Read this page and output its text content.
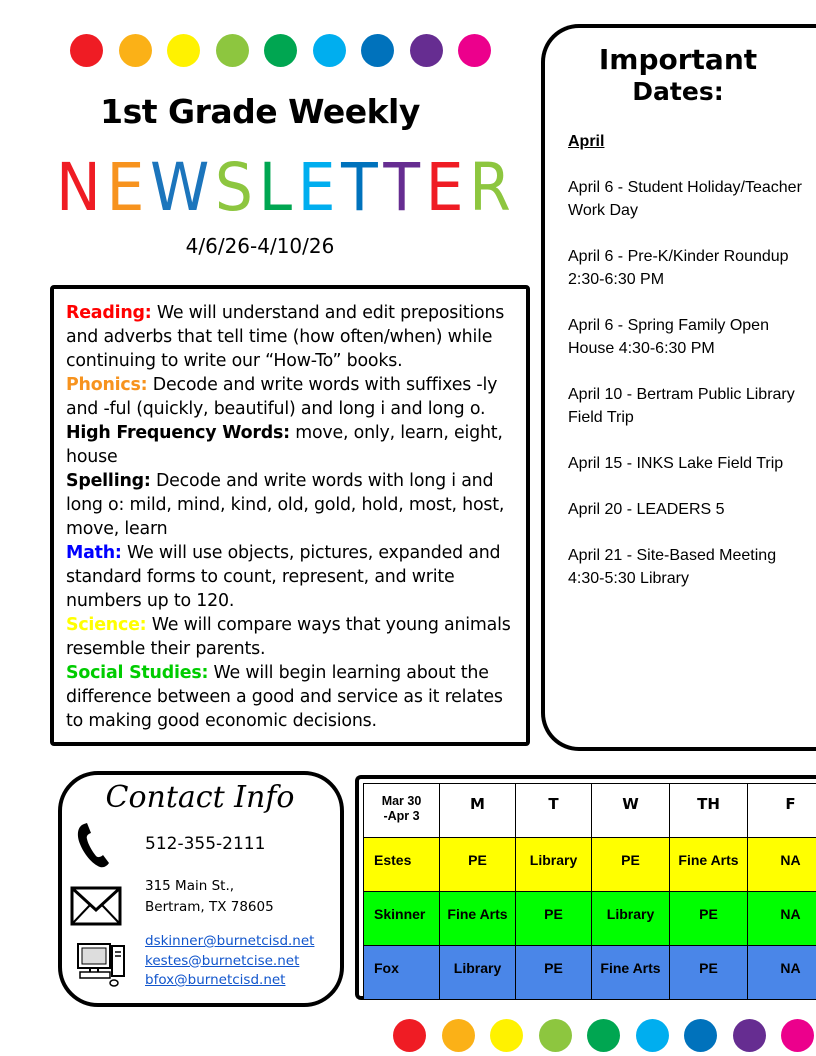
1st Grade Weekly
N E W S L E T T E R
4/6/26-4/10/26

Reading: We will understand and edit prepositions and adverbs that tell time (how often/when) while continuing to write our “How-To” books.

Phonics: Decode and write words with suffixes -ly and -ful (quickly, beautiful) and long i and long o.

High Frequency Words: move, only, learn, eight, house

Spelling: Decode and write words with long i and long o: mild, mind, kind, old, gold, hold, most, host, move, learn

Math: We will use objects, pictures, expanded and standard forms to count, represent, and write numbers up to 120.

Science: We will compare ways that young animals resemble their parents.

Social Studies: We will begin learning about the difference between a good and service as it relates to making good economic decisions.

Important
Dates:
April
April 6 - Student Holiday/Teacher Work Day
April 6 - Pre-K/Kinder Roundup 2:30-6:30 PM
April 6 - Spring Family Open House 4:30-6:30 PM
April 10 - Bertram Public Library Field Trip
April 15 - INKS Lake Field Trip
April 20 - LEADERS 5
April 21 - Site-Based Meeting 4:30-5:30 Library
Contact Info
512-355-2111
315 Main St.,
Bertram, TX 78605
dskinner@burnetcisd.net
kestes@burnetcise.net
bfox@burnetcisd.net
Mar 30
-Apr 3	M	T	W	TH	F
Estes	PE	Library	PE	Fine Arts	NA
Skinner	Fine Arts	PE	Library	PE	NA
Fox	Library	PE	Fine Arts	PE	NA
